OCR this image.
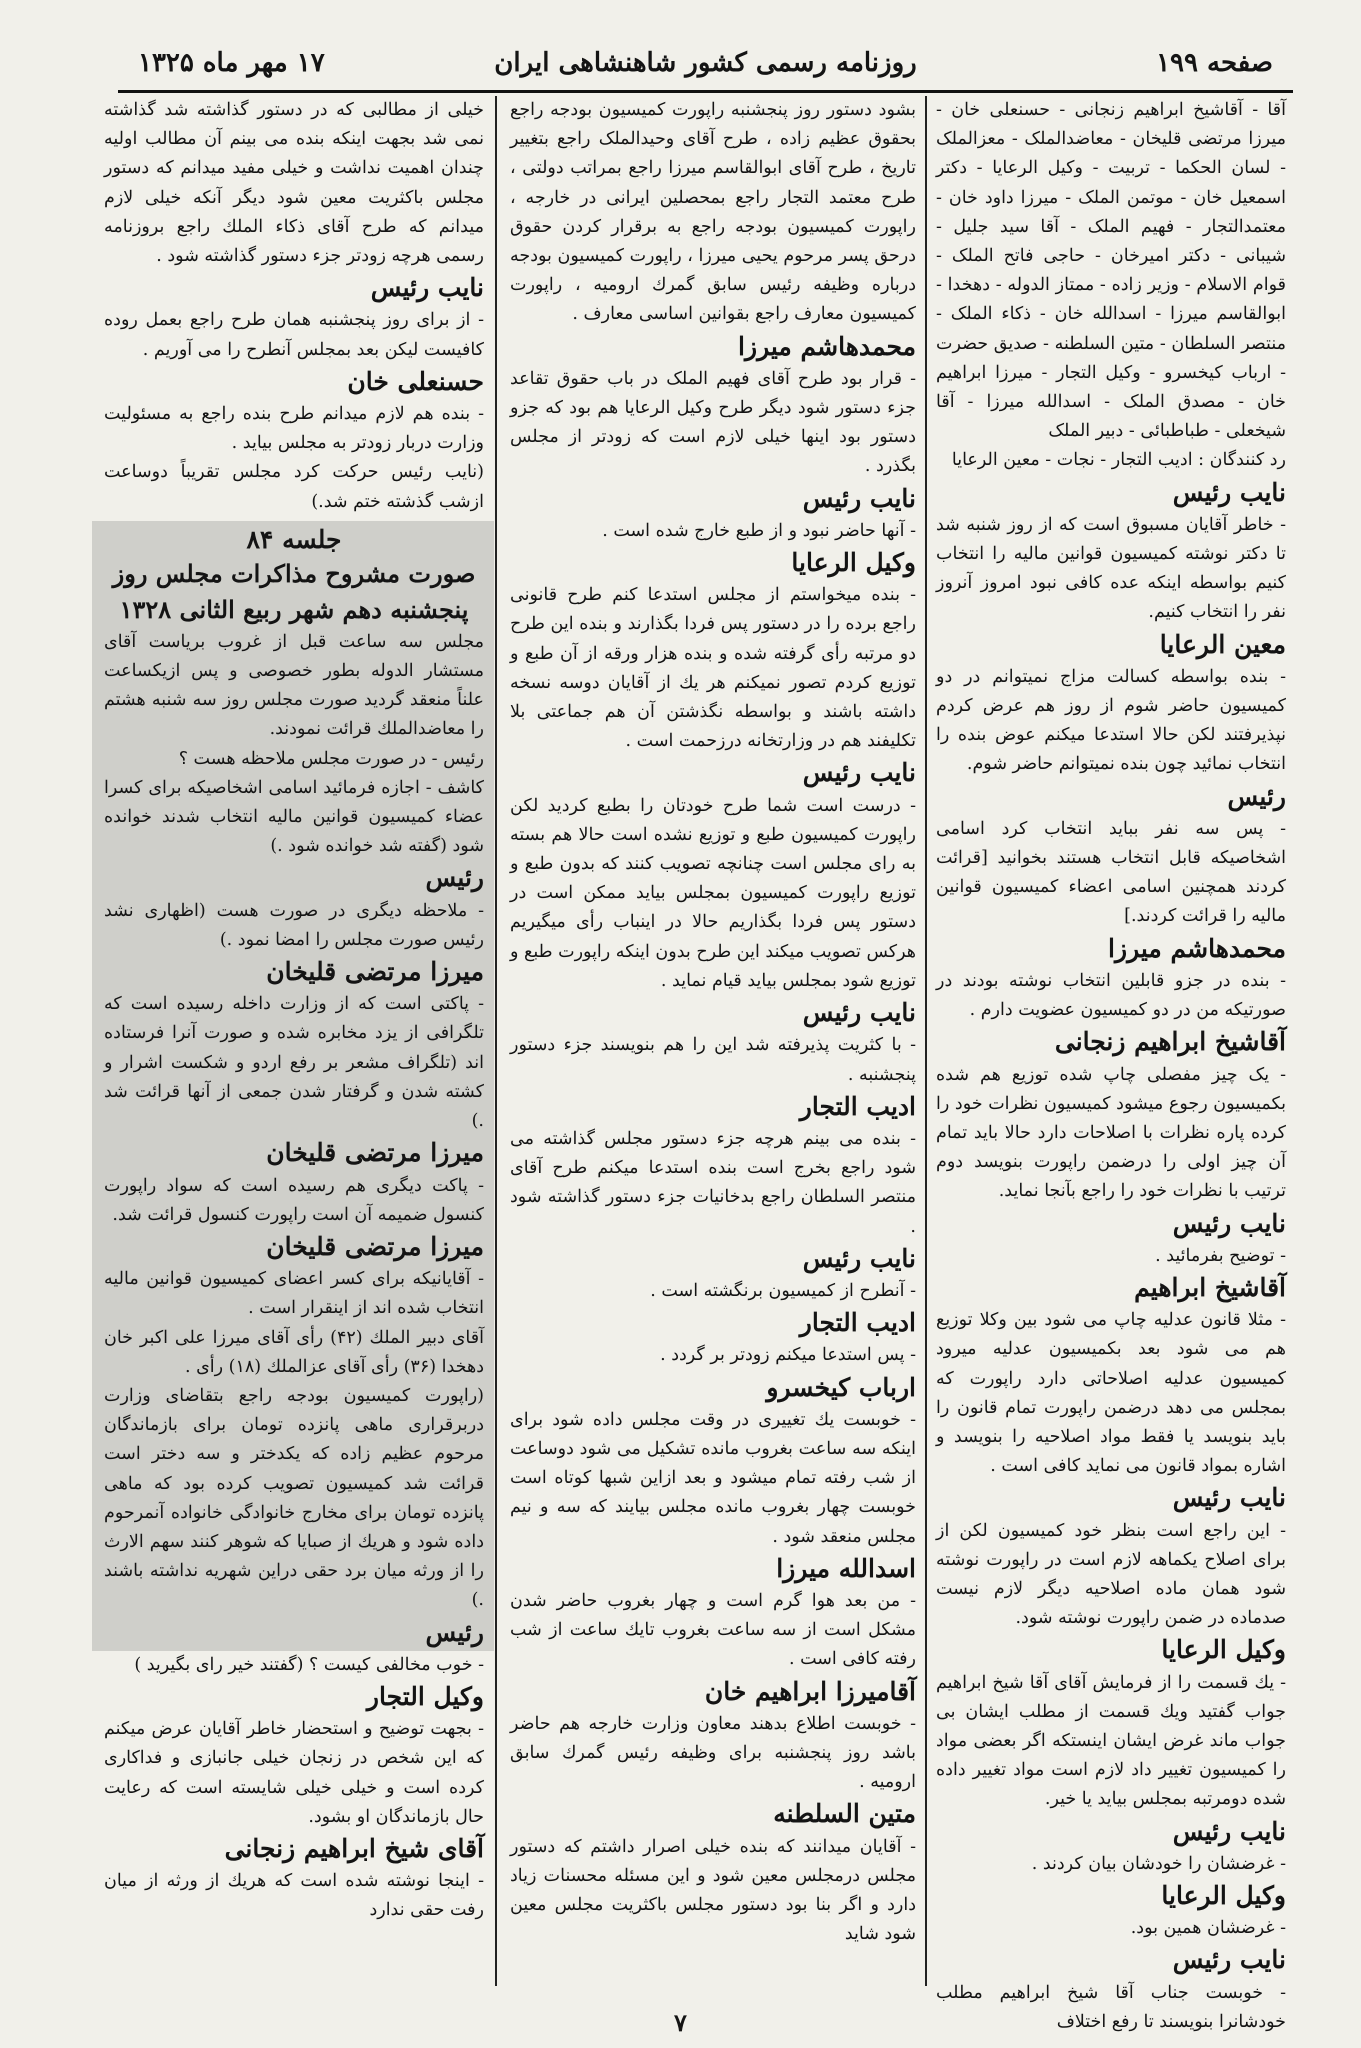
صفحه ۱۹۹
روزنامه رسمی کشور شاهنشاهی ایران
۱۷ مهر ماه ۱۳۲۵

آقا - آقاشیخ ابراهیم زنجانی - حسنعلی خان - میرزا مرتضی قلیخان - معاضدالملک - معزالملک - لسان الحکما - تربیت - وکیل الرعایا - دکتر اسمعیل خان - موتمن الملک - میرزا داود خان - معتمدالتجار - فهیم الملک - آقا سید جلیل - شیبانی - دکتر امیرخان - حاجی فاتح الملک - قوام الاسلام - وزیر زاده - ممتاز الدوله - دهخدا - ابوالقاسم میرزا - اسدالله خان - ذکاء الملک - منتصر السلطان - متین السلطنه - صدیق حضرت - ارباب کیخسرو - وکیل التجار - میرزا ابراهیم خان - مصدق الملک - اسدالله میرزا - آقا شیخعلی - طباطبائی - دبیر الملک

رد کنندگان : ادیب التجار - نجات - معین الرعایا

نایب رئیس

- خاطر آقایان مسبوق است که از روز شنبه شد تا دکتر نوشته کمیسیون قوانین مالیه را انتخاب کنیم بواسطه اینکه عده کافی نبود امروز آنروز نفر را انتخاب کنیم.

معین الرعایا

- بنده بواسطه کسالت مزاج نمیتوانم در دو کمیسیون حاضر شوم از روز هم عرض کردم نپذیرفتند لکن حالا استدعا میکنم عوض بنده را انتخاب نمائید چون بنده نمیتوانم حاضر شوم.

رئیس

- پس سه نفر بباید انتخاب کرد اسامی اشخاصیکه قابل انتخاب هستند بخوانید [قرائت کردند همچنین اسامی اعضاء کمیسیون قوانین مالیه را قرائت کردند.]

محمدهاشم میرزا

- بنده در جزو قابلین انتخاب نوشته بودند در صورتیکه من در دو کمیسیون عضویت دارم .

آقاشیخ ابراهیم زنجانی

- یک چیز مفصلی چاپ شده توزیع هم شده بکمیسیون رجوع میشود کمیسیون نظرات خود را کرده پاره نظرات با اصلاحات دارد حالا باید تمام آن چیز اولی را درضمن راپورت بنویسد دوم ترتیب با نظرات خود را راجع بآنجا نماید.

نایب رئیس

- توضیح بفرمائید .

آقاشیخ ابراهیم

- مثلا قانون عدلیه چاپ می شود بین وکلا توزیع هم می شود بعد بکمیسیون عدلیه میرود کمیسیون عدلیه اصلاحاتی دارد راپورت که بمجلس می دهد درضمن راپورت تمام قانون را باید بنویسد یا فقط مواد اصلاحیه را بنویسد و اشاره بمواد قانون می نماید کافی است .

نایب رئیس

- این راجع است بنظر خود کمیسیون لکن از برای اصلاح یکماهه لازم است در راپورت نوشته شود همان ماده اصلاحیه دیگر لازم نیست صدماده در ضمن راپورت نوشته شود.

وکیل الرعایا

- یك قسمت را از فرمایش آقای آقا شیخ ابراهیم جواب گفتید ویك قسمت از مطلب ایشان بی جواب ماند غرض ایشان اینستکه اگر بعضی مواد را کمیسیون تغییر داد لازم است مواد تغییر داده شده دومرتبه بمجلس بیاید یا خیر.

نایب رئیس

- غرضشان را خودشان بیان کردند .

وکیل الرعایا

- غرضشان همین بود.

نایب رئیس

- خوبست جناب آقا شیخ ابراهیم مطلب خودشانرا بنویسند تا رفع اختلاف

بشود دستور روز پنجشنبه راپورت کمیسیون بودجه راجع بحقوق عظیم زاده ، طرح آقای وحیدالملک راجع بتغییر تاریخ ، طرح آقای ابوالقاسم میرزا راجع بمراتب دولتی ، طرح معتمد التجار راجع بمحصلین ایرانی در خارجه ، راپورت کمیسیون بودجه راجع به برقرار کردن حقوق درحق پسر مرحوم یحیی میرزا ، راپورت کمیسیون بودجه درباره وظیفه رئیس سابق گمرك ارومیه ، راپورت کمیسیون معارف راجع بقوانین اساسی معارف .

محمدهاشم میرزا

- قرار بود طرح آقای فهیم الملک در باب حقوق تقاعد جزء دستور شود دیگر طرح وکیل الرعایا هم بود که جزو دستور بود اینها خیلی لازم است که زودتر از مجلس بگذرد .

نایب رئیس

- آنها حاضر نبود و از طبع خارج شده است .

وکیل الرعایا

- بنده میخواستم از مجلس استدعا کنم طرح قانونی راجع برده را در دستور پس فردا بگذارند و بنده این طرح دو مرتبه رأی گرفته شده و بنده هزار ورقه از آن طبع و توزیع کردم تصور نمیکنم هر یك از آقایان دوسه نسخه داشته باشند و بواسطه نگذشتن آن هم جماعتی بلا تکلیفند هم در وزارتخانه درزحمت است .

نایب رئیس

- درست است شما طرح خودتان را بطبع کردید لکن راپورت کمیسیون طبع و توزیع نشده است حالا هم بسته به رای مجلس است چنانچه تصویب کنند که بدون طبع و توزیع راپورت کمیسیون بمجلس بیاید ممکن است در دستور پس فردا بگذاریم حالا در اینباب رأی میگیریم هرکس تصویب میکند این طرح بدون اینکه راپورت طبع و توزیع شود بمجلس بیاید قیام نماید .

نایب رئیس

- با کثریت پذیرفته شد این را هم بنویسند جزء دستور پنجشنبه .

ادیب التجار

- بنده می بینم هرچه جزء دستور مجلس گذاشته می شود راجع بخرج است بنده استدعا میکنم طرح آقای منتصر السلطان راجع بدخانیات جزء دستور گذاشته شود .

نایب رئیس

- آنطرح از کمیسیون برنگشته است .

ادیب التجار

- پس استدعا میکنم زودتر بر گردد .

ارباب کیخسرو

- خوبست یك تغییری در وقت مجلس داده شود برای اینکه سه ساعت بغروب مانده تشکیل می شود دوساعت از شب رفته تمام میشود و بعد ازاین شبها کوتاه است خوبست چهار بغروب مانده مجلس بیایند که سه و نیم مجلس منعقد شود .

اسدالله میرزا

- من بعد هوا گرم است و چهار بغروب حاضر شدن مشکل است از سه ساعت بغروب تایك ساعت از شب رفته کافی است .

آقامیرزا ابراهیم خان

- خوبست اطلاع بدهند معاون وزارت خارجه هم حاضر باشد روز پنجشنبه برای وظیفه رئیس گمرك سابق ارومیه .

متین السلطنه

- آقایان میدانند که بنده خیلی اصرار داشتم که دستور مجلس درمجلس معین شود و این مسئله محسنات زیاد دارد و اگر بنا بود دستور مجلس باکثریت مجلس معین شود شاید

خیلی از مطالبی که در دستور گذاشته شد گذاشته نمی شد بجهت اینکه بنده می بینم آن مطالب اولیه چندان اهمیت نداشت و خیلی مفید میدانم که دستور مجلس باکثریت معین شود دیگر آنکه خیلی لازم میدانم که طرح آقای ذکاء الملك راجع بروزنامه رسمی هرچه زودتر جزء دستور گذاشته شود .

نایب رئیس

- از برای روز پنجشنبه همان طرح راجع بعمل روده کافیست لیکن بعد بمجلس آنطرح را می آوریم .

حسنعلی خان

- بنده هم لازم میدانم طرح بنده راجع به مسئولیت وزارت دربار زودتر به مجلس بیاید .

(نایب رئیس حرکت کرد مجلس تقریباً دوساعت ازشب گذشته ختم شد.)

جلسه ۸۴
صورت مشروح مذاکرات مجلس روز پنجشنبه دهم شهر ربیع الثانی ۱۳۲۸

مجلس سه ساعت قبل از غروب بریاست آقای مستشار الدوله بطور خصوصی و پس ازیکساعت علناً منعقد گردید صورت مجلس روز سه شنبه هشتم را معاضدالملك قرائت نمودند.

رئیس - در صورت مجلس ملاحظه هست ؟

کاشف - اجازه فرمائید اسامی اشخاصیکه برای کسرا عضاء کمیسیون قوانین مالیه انتخاب شدند خوانده شود (گفته شد خوانده شود .)

رئیس

- ملاحظه دیگری در صورت هست (اظهاری نشد رئیس صورت مجلس را امضا نمود .)

میرزا مرتضی قلیخان

- پاکتی است که از وزارت داخله رسیده است که تلگرافی از یزد مخابره شده و صورت آنرا فرستاده اند (تلگراف مشعر بر رفع اردو و شکست اشرار و کشته شدن و گرفتار شدن جمعی از آنها قرائت شد .)

میرزا مرتضی قلیخان

- پاکت دیگری هم رسیده است که سواد راپورت کنسول ضمیمه آن است راپورت کنسول قرائت شد.

میرزا مرتضی قلیخان

- آقایانیکه برای کسر اعضای کمیسیون قوانین مالیه انتخاب شده اند از اینقرار است .

آقای دبیر الملك (۴۲) رأی آقای میرزا علی اکبر خان دهخدا (۳۶) رأی آقای عزالملك (۱۸) رأی .

(راپورت کمیسیون بودجه راجع بتقاضای وزارت دربرقراری ماهی پانزده تومان برای بازماندگان مرحوم عظیم زاده که یکدختر و سه دختر است قرائت شد کمیسیون تصویب کرده بود که ماهی پانزده تومان برای مخارج خانوادگی خانواده آنمرحوم داده شود و هریك از صبایا که شوهر کنند سهم الارث را از ورثه میان برد حقی دراین شهریه نداشته باشند .)

رئیس

- خوب مخالفی کیست ؟ (گفتند خیر رای بگیرید )

وکیل التجار

- بجهت توضیح و استحضار خاطر آقایان عرض میکنم که این شخص در زنجان خیلی جانبازی و فداکاری کرده است و خیلی خیلی شایسته است که رعایت حال بازماندگان او بشود.

آقای شیخ ابراهیم زنجانی

- اینجا نوشته شده است که هریك از ورثه از میان رفت حقی ندارد

۷
